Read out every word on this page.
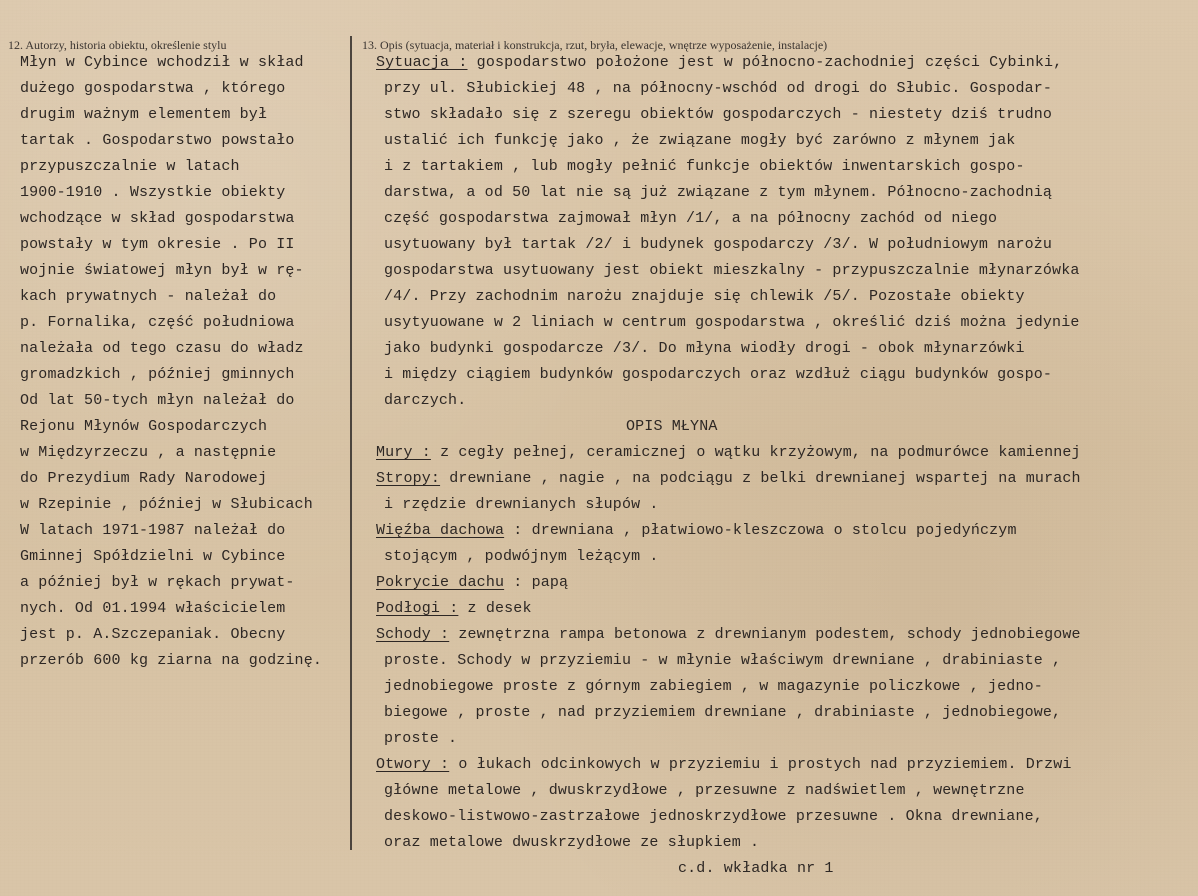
12. Autorzy, historia obiektu, określenie stylu	13. Opis (sytuacja, materiał i konstrukcja, rzut, bryła, elewacje, wnętrze wyposażenie, instalacje)
Młyn w Cybince wchodził w skład
dużego gospodarstwa , którego
drugim ważnym elementem był
tartak . Gospodarstwo powstało
przypuszczalnie w latach
1900-1910 . Wszystkie obiekty
wchodzące w skład gospodarstwa
powstały w tym okresie . Po II
wojnie światowej młyn był w rę-
kach prywatnych - należał do
p. Fornalika, część południowa
należała od tego czasu do władz
gromadzkich , później gminnych
Od lat 50-tych młyn należał do
Rejonu Młynów Gospodarczych
w Międzyrzeczu , a następnie
do Prezydium Rady Narodowej
w Rzepinie , później w Słubicach
W latach 1971-1987 należał do
Gminnej Spółdzielni w Cybince
a później był w rękach prywat-
nych. Od 01.1994 właścicielem
jest p. A.Szczepaniak. Obecny
przerób 600 kg ziarna na godzinę.
Sytuacja : gospodarstwo położone jest w północno-zachodniej części Cybinki,
przy ul. Słubickiej 48 , na północny-wschód od drogi do Słubic. Gospodar-
stwo składało się z szeregu obiektów gospodarczych - niestety dziś trudno
ustalić ich funkcję jako , że związane mogły być zarówno z młynem jak
i z tartakiem , lub mogły pełnić funkcje obiektów inwentarskich gospo-
darstwa, a od 50 lat nie są już związane z tym młynem. Północno-zachodnią
część gospodarstwa zajmował młyn /1/, a na północny zachód od niego
usytuowany był tartak /2/ i budynek gospodarczy /3/. W południowym narożu
gospodarstwa usytuowany jest obiekt mieszkalny - przypuszczalnie młynarzówka
/4/. Przy zachodnim narożu znajduje się chlewik /5/. Pozostałe obiekty
usytyuowane w 2 liniach w centrum gospodarstwa , określić dziś można jedynie
jako budynki gospodarcze /3/. Do młyna wiodły drogi - obok młynarzówki
i między ciągiem budynków gospodarczych oraz wzdłuż ciągu budynków gospo-
darczych.
OPIS MŁYNA
Mury : z cegły pełnej, ceramicznej o wątku krzyżowym, na podmurówce kamiennej
Stropy: drewniane , nagie , na podciągu z belki drewnianej wspartej na murach
i rzędzie drewnianych słupów .
Więźba dachowa : drewniana , płatwiowo-kleszczowa o stolcu pojedyńczym
stojącym , podwójnym leżącym .
Pokrycie dachu : papą
Podłogi : z desek
Schody : zewnętrzna rampa betonowa z drewnianym podestem, schody jednobiegowe
proste. Schody w przyziemiu - w młynie właściwym drewniane , drabiniaste ,
jednobiegowe proste z górnym zabiegiem , w magazynie policzkowe , jedno-
biegowe , proste , nad przyziemiem drewniane , drabiniaste , jednobiegowe,
proste .
Otwory : o łukach odcinkowych w przyziemiu i prostych nad przyziemiem. Drzwi
główne metalowe , dwuskrzydłowe , przesuwne z nadświetlem , wewnętrzne
deskowo-listwowo-zastrzałowe jednoskrzydłowe przesuwne . Okna drewniane,
oraz metalowe dwuskrzydłowe ze słupkiem .
c.d. wkładka nr 1
